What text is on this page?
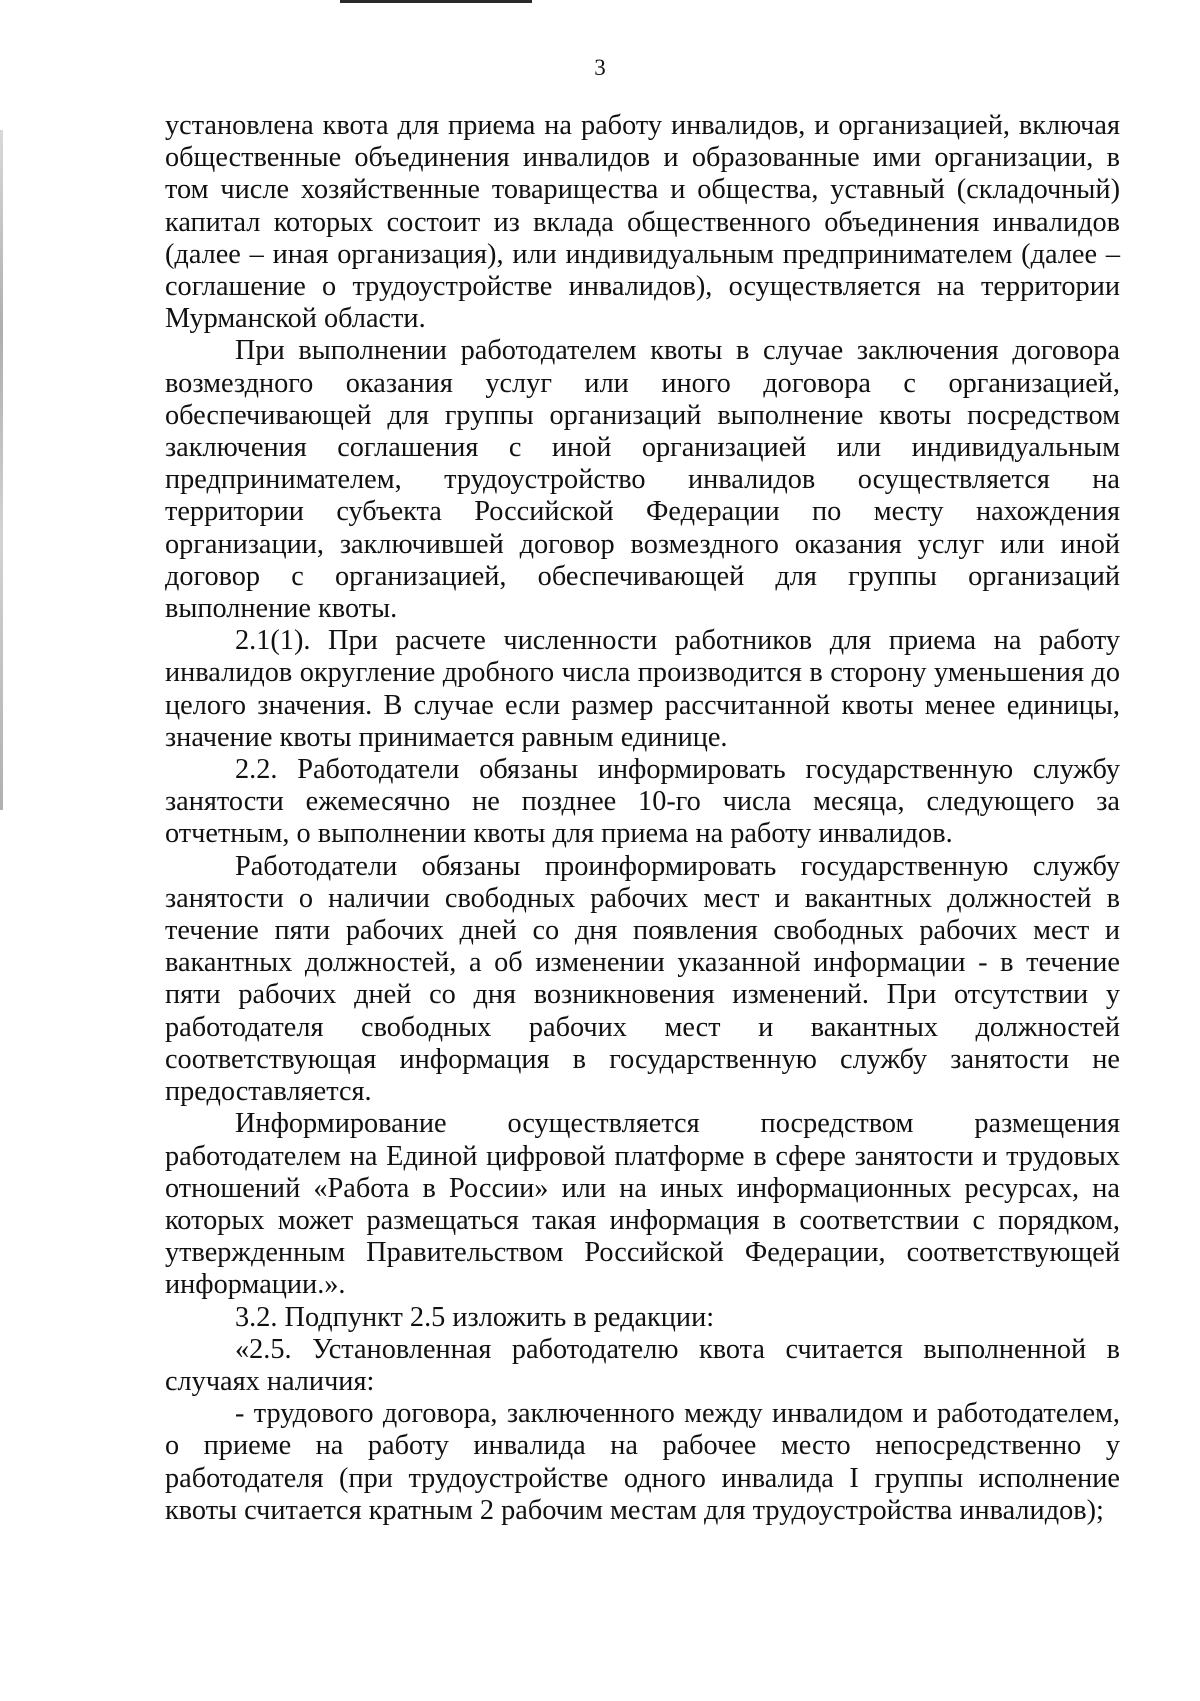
3

установлена квота для приема на работу инвалидов, и организацией, включая общественные объединения инвалидов и образованные ими организации, в том числе хозяйственные товарищества и общества, уставный (складочный) капитал которых состоит из вклада общественного объединения инвалидов (далее – иная организация), или индивидуальным предпринимателем (далее – соглашение о трудоустройстве инвалидов), осуществляется на территории Мурманской области.

При выполнении работодателем квоты в случае заключения договора возмездного оказания услуг или иного договора с организацией, обеспечивающей для группы организаций выполнение квоты посредством заключения соглашения с иной организацией или индивидуальным предпринимателем, трудоустройство инвалидов осуществляется на территории субъекта Российской Федерации по месту нахождения организации, заключившей договор возмездного оказания услуг или иной договор с организацией, обеспечивающей для группы организаций выполнение квоты.

2.1(1). При расчете численности работников для приема на работу инвалидов округление дробного числа производится в сторону уменьшения до целого значения. В случае если размер рассчитанной квоты менее единицы, значение квоты принимается равным единице.

2.2. Работодатели обязаны информировать государственную службу занятости ежемесячно не позднее 10-го числа месяца, следующего за отчетным, о выполнении квоты для приема на работу инвалидов.

Работодатели обязаны проинформировать государственную службу занятости о наличии свободных рабочих мест и вакантных должностей в течение пяти рабочих дней со дня появления свободных рабочих мест и вакантных должностей, а об изменении указанной информации - в течение пяти рабочих дней со дня возникновения изменений. При отсутствии у работодателя свободных рабочих мест и вакантных должностей соответствующая информация в государственную службу занятости не предоставляется.

Информирование осуществляется посредством размещения работодателем на Единой цифровой платформе в сфере занятости и трудовых отношений «Работа в России» или на иных информационных ресурсах, на которых может размещаться такая информация в соответствии с порядком, утвержденным Правительством Российской Федерации, соответствующей информации.».

3.2. Подпункт 2.5 изложить в редакции:

«2.5. Установленная работодателю квота считается выполненной в случаях наличия:

- трудового договора, заключенного между инвалидом и работодателем, о приеме на работу инвалида на рабочее место непосредственно у работодателя (при трудоустройстве одного инвалида I группы исполнение квоты считается кратным 2 рабочим местам для трудоустройства инвалидов);
